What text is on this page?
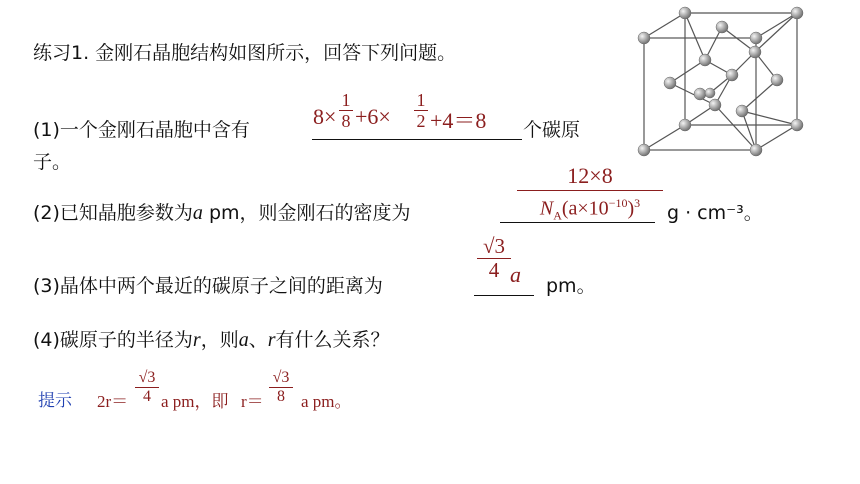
练习1. 金刚石晶胞结构如图所示，回答下列问题。
(1)一个金刚石晶胞中含有
8×
1
8 +6×
1
2 +4＝8 个碳原
子。
(2)已知晶胞参数为a pm，则金刚石的密度为
12×8
$N_A(a\times 10^{-10})^3$	g · cm⁻³。
(3)晶体中两个最近的碳原子之间的距离为
√3
4 a pm。
(4)碳原子的半径为r，则a、r有什么关系？
提示 2r＝
√3
4 a pm，即 r＝
√3
8 a pm。
